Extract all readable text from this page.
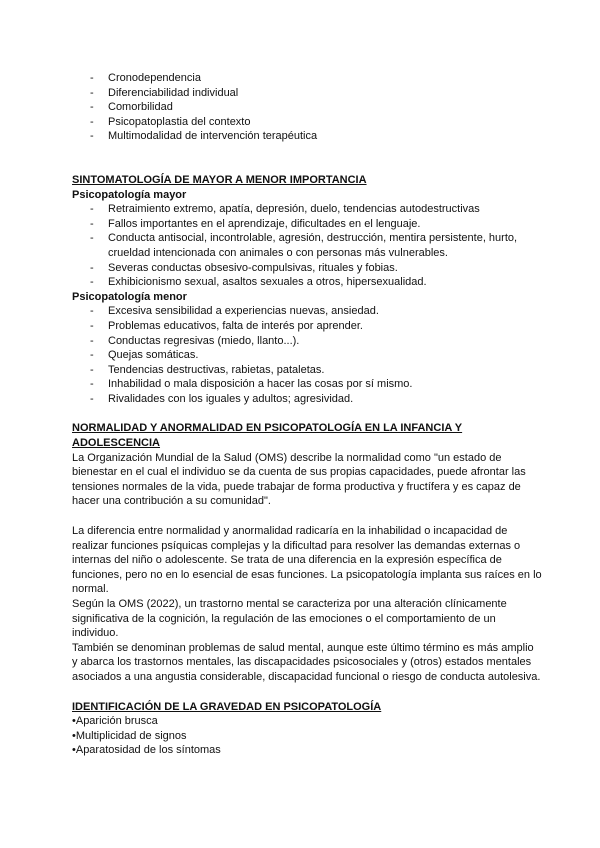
- Cronodependencia
- Diferenciabilidad individual
- Comorbilidad
- Psicopatoplastia del contexto
- Multimodalidad de intervención terapéutica

SINTOMATOLOGÍA DE MAYOR A MENOR IMPORTANCIA

Psicopatología mayor

- Retraimiento extremo, apatía, depresión, duelo, tendencias autodestructivas
- Fallos importantes en el aprendizaje, dificultades en el lenguaje.
- Conducta antisocial, incontrolable, agresión, destrucción, mentira persistente, hurto, crueldad intencionada con animales o con personas más vulnerables.
- Severas conductas obsesivo-compulsivas, rituales y fobias.
- Exhibicionismo sexual, asaltos sexuales a otros, hipersexualidad.

Psicopatología menor

- Excesiva sensibilidad a experiencias nuevas, ansiedad.
- Problemas educativos, falta de interés por aprender.
- Conductas regresivas (miedo, llanto...).
- Quejas somáticas.
- Tendencias destructivas, rabietas, pataletas.
- Inhabilidad o mala disposición a hacer las cosas por sí mismo.
- Rivalidades con los iguales y adultos; agresividad.

NORMALIDAD Y ANORMALIDAD EN PSICOPATOLOGÍA EN LA INFANCIA Y ADOLESCENCIA

La Organización Mundial de la Salud (OMS) describe la normalidad como "un estado de bienestar en el cual el individuo se da cuenta de sus propias capacidades, puede afrontar las tensiones normales de la vida, puede trabajar de forma productiva y fructífera y es capaz de hacer una contribución a su comunidad".

La diferencia entre normalidad y anormalidad radicaría en la inhabilidad o incapacidad de realizar funciones psíquicas complejas y la dificultad para resolver las demandas externas o internas del niño o adolescente. Se trata de una diferencia en la expresión específica de funciones, pero no en lo esencial de esas funciones. La psicopatología implanta sus raíces en lo normal.

Según la OMS (2022), un trastorno mental se caracteriza por una alteración clínicamente significativa de la cognición, la regulación de las emociones o el comportamiento de un individuo.

También se denominan problemas de salud mental, aunque este último término es más amplio y abarca los trastornos mentales, las discapacidades psicosociales y (otros) estados mentales asociados a una angustia considerable, discapacidad funcional o riesgo de conducta autolesiva.

IDENTIFICACIÓN DE LA GRAVEDAD EN PSICOPATOLOGÍA

•Aparición brusca

•Multiplicidad de signos

•Aparatosidad de los síntomas
